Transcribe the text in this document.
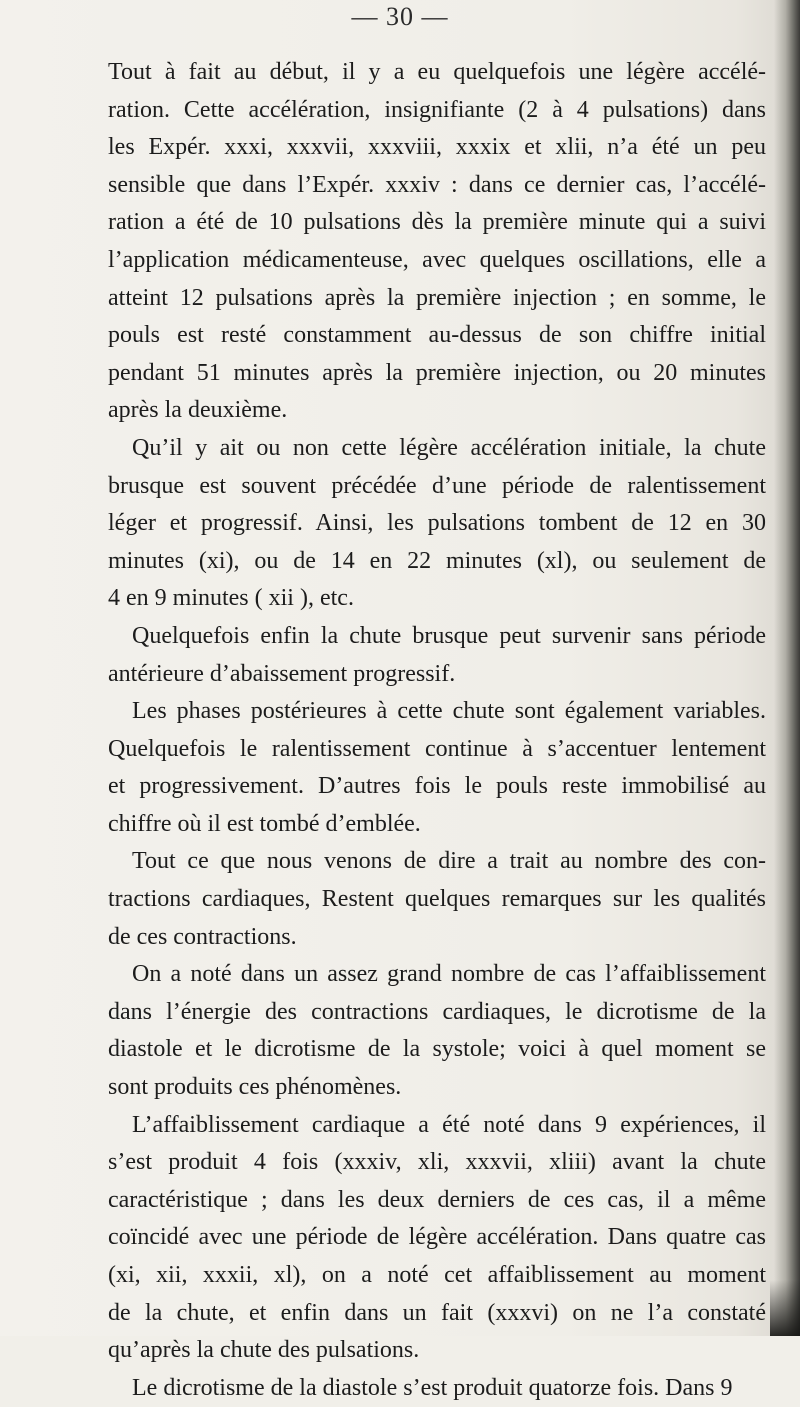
— 30 —
Tout à fait au début, il y a eu quelquefois une légère accélé-
ration. Cette accélération, insignifiante (2 à 4 pulsations) dans
les Expér. xxxi, xxxvii, xxxviii, xxxix et xlii, n’a été un peu
sensible que dans l’Expér. xxxiv : dans ce dernier cas, l’accélé-
ration a été de 10 pulsations dès la première minute qui a suivi
l’application médicamenteuse, avec quelques oscillations, elle a
atteint 12 pulsations après la première injection ; en somme, le
pouls est resté constamment au-dessus de son chiffre initial
pendant 51 minutes après la première injection, ou 20 minutes
après la deuxième.
Qu’il y ait ou non cette légère accélération initiale, la chute
brusque est souvent précédée d’une période de ralentissement
léger et progressif. Ainsi, les pulsations tombent de 12 en 30
minutes (xi), ou de 14 en 22 minutes (xl), ou seulement de
4 en 9 minutes ( xii ), etc.
Quelquefois enfin la chute brusque peut survenir sans période
antérieure d’abaissement progressif.
Les phases postérieures à cette chute sont également variables.
Quelquefois le ralentissement continue à s’accentuer lentement
et progressivement. D’autres fois le pouls reste immobilisé au
chiffre où il est tombé d’emblée.
Tout ce que nous venons de dire a trait au nombre des con-
tractions cardiaques, Restent quelques remarques sur les qualités
de ces contractions.
On a noté dans un assez grand nombre de cas l’affaiblissement
dans l’énergie des contractions cardiaques, le dicrotisme de la
diastole et le dicrotisme de la systole; voici à quel moment se
sont produits ces phénomènes.
L’affaiblissement cardiaque a été noté dans 9 expériences, il
s’est produit 4 fois (xxxiv, xli, xxxvii, xliii) avant la chute
caractéristique ; dans les deux derniers de ces cas, il a même
coïncidé avec une période de légère accélération. Dans quatre cas
(xi, xii, xxxii, xl), on a noté cet affaiblissement au moment
de la chute, et enfin dans un fait (xxxvi) on ne l’a constaté
qu’après la chute des pulsations.
Le dicrotisme de la diastole s’est produit quatorze fois. Dans 9
